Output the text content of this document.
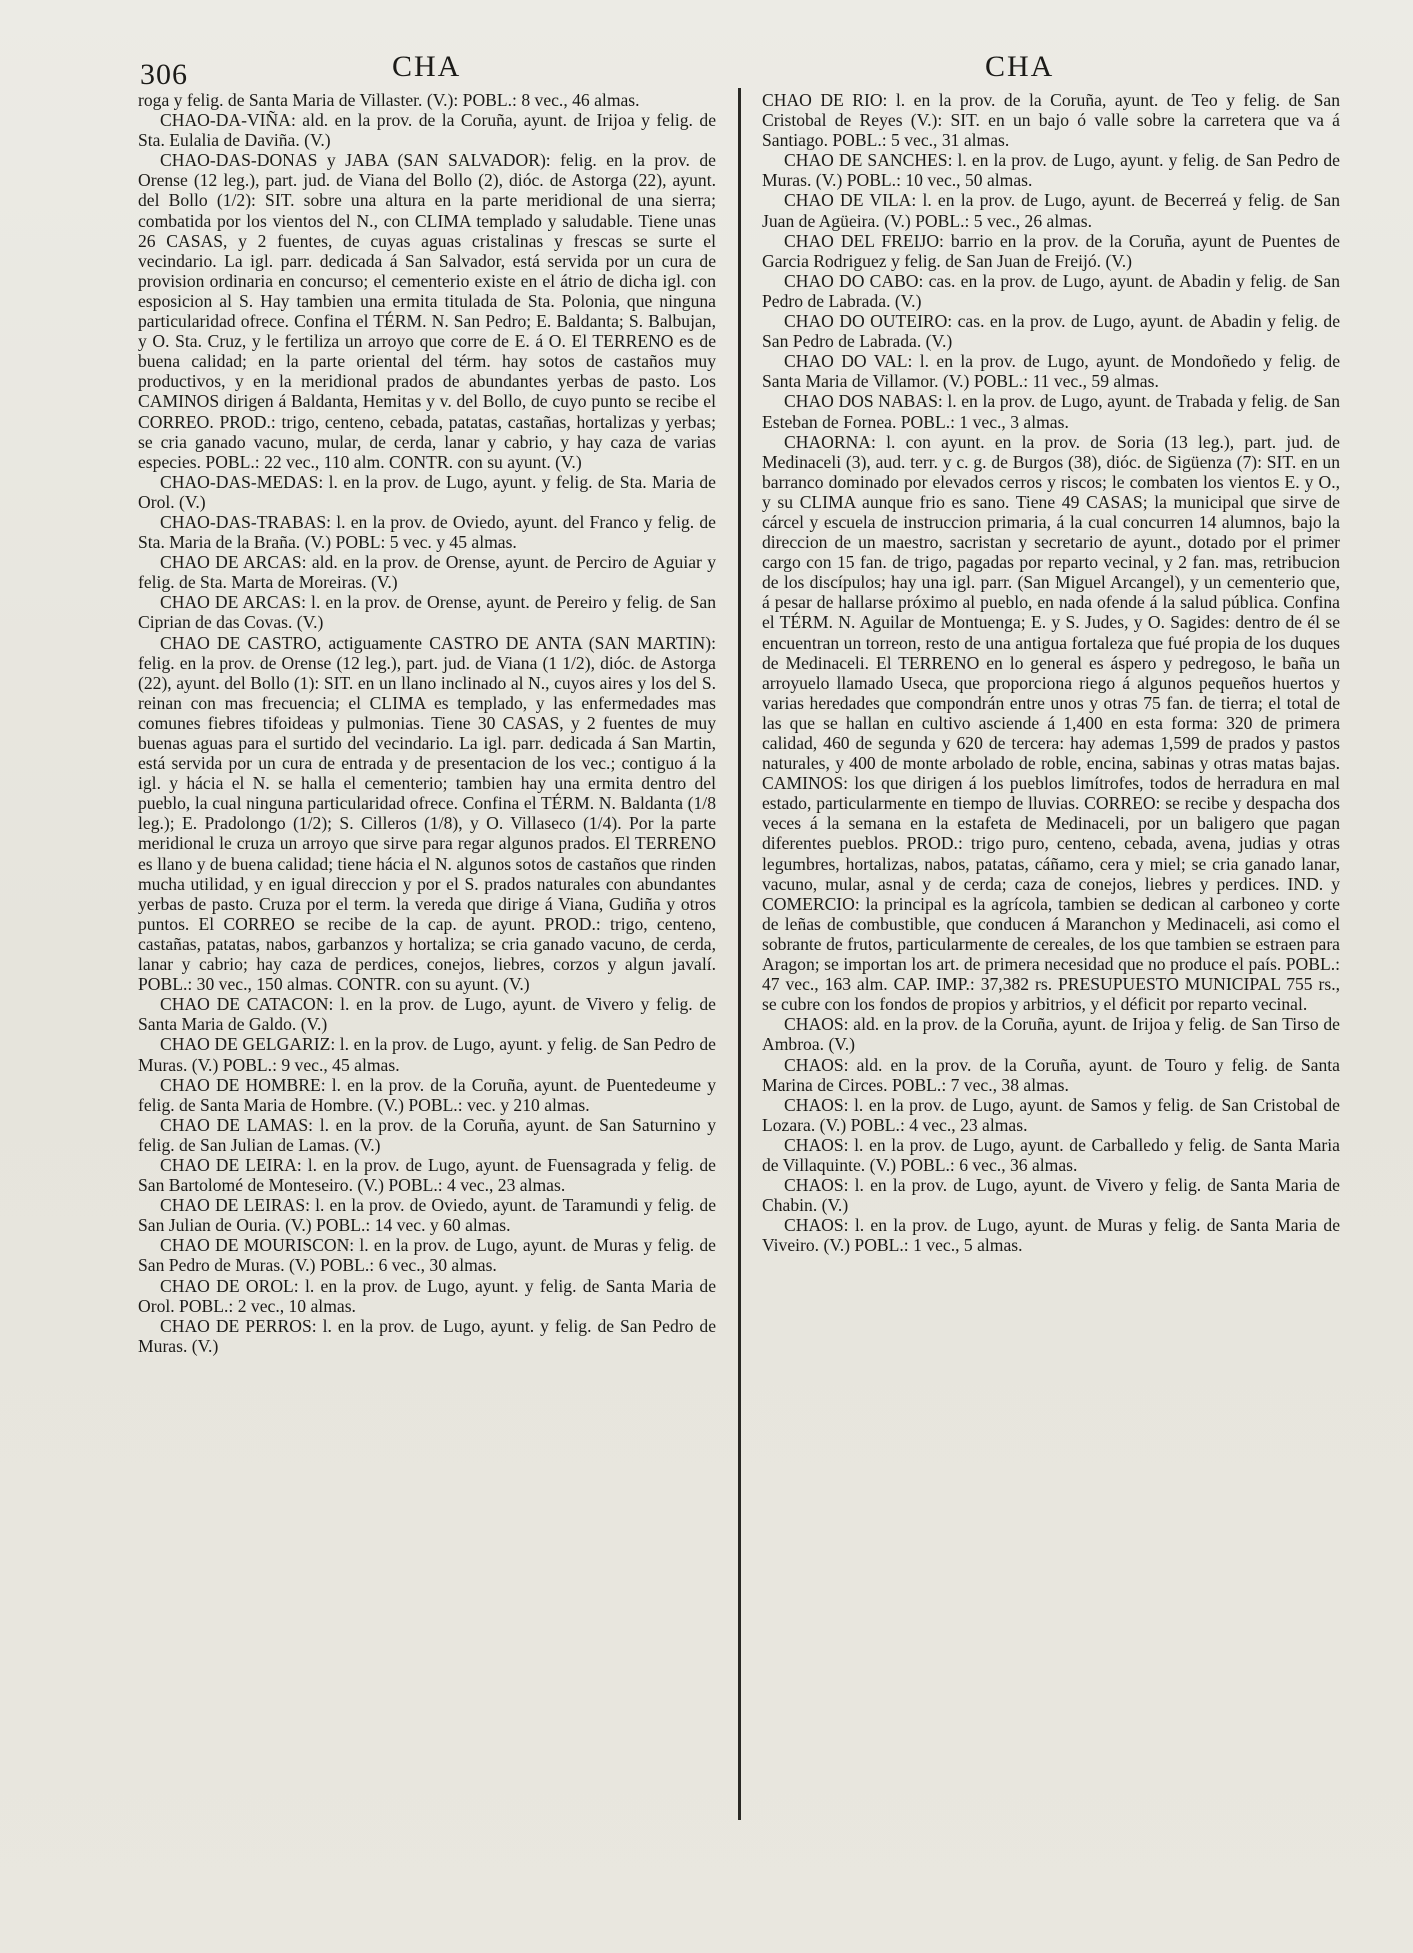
306	CHA	CHA

roga y felig. de Santa Maria de Villaster. (V.): POBL.: 8 vec., 46 almas.

CHAO-DA-VIÑA: ald. en la prov. de la Coruña, ayunt. de Irijoa y felig. de Sta. Eulalia de Daviña. (V.)

CHAO-DAS-DONAS y JABA (SAN SALVADOR): felig. en la prov. de Orense (12 leg.), part. jud. de Viana del Bollo (2), dióc. de Astorga (22), ayunt. del Bollo (1/2): SIT. sobre una altura en la parte meridional de una sierra; combatida por los vientos del N., con CLIMA templado y saludable. Tiene unas 26 CASAS, y 2 fuentes, de cuyas aguas cristalinas y frescas se surte el vecindario. La igl. parr. dedicada á San Salvador, está servida por un cura de provision ordinaria en concurso; el cementerio existe en el átrio de dicha igl. con esposicion al S. Hay tambien una ermita titulada de Sta. Polonia, que ninguna particularidad ofrece. Confina el TÉRM. N. San Pedro; E. Baldanta; S. Balbujan, y O. Sta. Cruz, y le fertiliza un arroyo que corre de E. á O. El TERRENO es de buena calidad; en la parte oriental del térm. hay sotos de castaños muy productivos, y en la meridional prados de abundantes yerbas de pasto. Los CAMINOS dirigen á Baldanta, Hemitas y v. del Bollo, de cuyo punto se recibe el CORREO. PROD.: trigo, centeno, cebada, patatas, castañas, hortalizas y yerbas; se cria ganado vacuno, mular, de cerda, lanar y cabrio, y hay caza de varias especies. POBL.: 22 vec., 110 alm. CONTR. con su ayunt. (V.)

CHAO-DAS-MEDAS: l. en la prov. de Lugo, ayunt. y felig. de Sta. Maria de Orol. (V.)

CHAO-DAS-TRABAS: l. en la prov. de Oviedo, ayunt. del Franco y felig. de Sta. Maria de la Braña. (V.) POBL: 5 vec. y 45 almas.

CHAO DE ARCAS: ald. en la prov. de Orense, ayunt. de Perciro de Aguiar y felig. de Sta. Marta de Moreiras. (V.)

CHAO DE ARCAS: l. en la prov. de Orense, ayunt. de Pereiro y felig. de San Ciprian de das Covas. (V.)

CHAO DE CASTRO, actiguamente CASTRO DE ANTA (SAN MARTIN): felig. en la prov. de Orense (12 leg.), part. jud. de Viana (1 1/2), dióc. de Astorga (22), ayunt. del Bollo (1): SIT. en un llano inclinado al N., cuyos aires y los del S. reinan con mas frecuencia; el CLIMA es templado, y las enfermedades mas comunes fiebres tifoideas y pulmonias. Tiene 30 CASAS, y 2 fuentes de muy buenas aguas para el surtido del vecindario. La igl. parr. dedicada á San Martin, está servida por un cura de entrada y de presentacion de los vec.; contiguo á la igl. y hácia el N. se halla el cementerio; tambien hay una ermita dentro del pueblo, la cual ninguna particularidad ofrece. Confina el TÉRM. N. Baldanta (1/8 leg.); E. Pradolongo (1/2); S. Cilleros (1/8), y O. Villaseco (1/4). Por la parte meridional le cruza un arroyo que sirve para regar algunos prados. El TERRENO es llano y de buena calidad; tiene hácia el N. algunos sotos de castaños que rinden mucha utilidad, y en igual direccion y por el S. prados naturales con abundantes yerbas de pasto. Cruza por el term. la vereda que dirige á Viana, Gudiña y otros puntos. El CORREO se recibe de la cap. de ayunt. PROD.: trigo, centeno, castañas, patatas, nabos, garbanzos y hortaliza; se cria ganado vacuno, de cerda, lanar y cabrio; hay caza de perdices, conejos, liebres, corzos y algun javalí. POBL.: 30 vec., 150 almas. CONTR. con su ayunt. (V.)

CHAO DE CATACON: l. en la prov. de Lugo, ayunt. de Vivero y felig. de Santa Maria de Galdo. (V.)

CHAO DE GELGARIZ: l. en la prov. de Lugo, ayunt. y felig. de San Pedro de Muras. (V.) POBL.: 9 vec., 45 almas.

CHAO DE HOMBRE: l. en la prov. de la Coruña, ayunt. de Puentedeume y felig. de Santa Maria de Hombre. (V.) POBL.: vec. y 210 almas.

CHAO DE LAMAS: l. en la prov. de la Coruña, ayunt. de San Saturnino y felig. de San Julian de Lamas. (V.)

CHAO DE LEIRA: l. en la prov. de Lugo, ayunt. de Fuensagrada y felig. de San Bartolomé de Monteseiro. (V.) POBL.: 4 vec., 23 almas.

CHAO DE LEIRAS: l. en la prov. de Oviedo, ayunt. de Taramundi y felig. de San Julian de Ouria. (V.) POBL.: 14 vec. y 60 almas.

CHAO DE MOURISCON: l. en la prov. de Lugo, ayunt. de Muras y felig. de San Pedro de Muras. (V.) POBL.: 6 vec., 30 almas.

CHAO DE OROL: l. en la prov. de Lugo, ayunt. y felig. de Santa Maria de Orol. POBL.: 2 vec., 10 almas.

CHAO DE PERROS: l. en la prov. de Lugo, ayunt. y felig. de San Pedro de Muras. (V.)

CHAO DE RIO: l. en la prov. de la Coruña, ayunt. de Teo y felig. de San Cristobal de Reyes (V.): SIT. en un bajo ó valle sobre la carretera que va á Santiago. POBL.: 5 vec., 31 almas.

CHAO DE SANCHES: l. en la prov. de Lugo, ayunt. y felig. de San Pedro de Muras. (V.) POBL.: 10 vec., 50 almas.

CHAO DE VILA: l. en la prov. de Lugo, ayunt. de Becerreá y felig. de San Juan de Agüeira. (V.) POBL.: 5 vec., 26 almas.

CHAO DEL FREIJO: barrio en la prov. de la Coruña, ayunt de Puentes de Garcia Rodriguez y felig. de San Juan de Freijó. (V.)

CHAO DO CABO: cas. en la prov. de Lugo, ayunt. de Abadin y felig. de San Pedro de Labrada. (V.)

CHAO DO OUTEIRO: cas. en la prov. de Lugo, ayunt. de Abadin y felig. de San Pedro de Labrada. (V.)

CHAO DO VAL: l. en la prov. de Lugo, ayunt. de Mondoñedo y felig. de Santa Maria de Villamor. (V.) POBL.: 11 vec., 59 almas.

CHAO DOS NABAS: l. en la prov. de Lugo, ayunt. de Trabada y felig. de San Esteban de Fornea. POBL.: 1 vec., 3 almas.

CHAORNA: l. con ayunt. en la prov. de Soria (13 leg.), part. jud. de Medinaceli (3), aud. terr. y c. g. de Burgos (38), dióc. de Sigüenza (7): SIT. en un barranco dominado por elevados cerros y riscos; le combaten los vientos E. y O., y su CLIMA aunque frio es sano. Tiene 49 CASAS; la municipal que sirve de cárcel y escuela de instruccion primaria, á la cual concurren 14 alumnos, bajo la direccion de un maestro, sacristan y secretario de ayunt., dotado por el primer cargo con 15 fan. de trigo, pagadas por reparto vecinal, y 2 fan. mas, retribucion de los discípulos; hay una igl. parr. (San Miguel Arcangel), y un cementerio que, á pesar de hallarse próximo al pueblo, en nada ofende á la salud pública. Confina el TÉRM. N. Aguilar de Montuenga; E. y S. Judes, y O. Sagides: dentro de él se encuentran un torreon, resto de una antigua fortaleza que fué propia de los duques de Medinaceli. El TERRENO en lo general es áspero y pedregoso, le baña un arroyuelo llamado Useca, que proporciona riego á algunos pequeños huertos y varias heredades que compondrán entre unos y otras 75 fan. de tierra; el total de las que se hallan en cultivo asciende á 1,400 en esta forma: 320 de primera calidad, 460 de segunda y 620 de tercera: hay ademas 1,599 de prados y pastos naturales, y 400 de monte arbolado de roble, encina, sabinas y otras matas bajas. CAMINOS: los que dirigen á los pueblos limítrofes, todos de herradura en mal estado, particularmente en tiempo de lluvias. CORREO: se recibe y despacha dos veces á la semana en la estafeta de Medinaceli, por un baligero que pagan diferentes pueblos. PROD.: trigo puro, centeno, cebada, avena, judias y otras legumbres, hortalizas, nabos, patatas, cáñamo, cera y miel; se cria ganado lanar, vacuno, mular, asnal y de cerda; caza de conejos, liebres y perdices. IND. y COMERCIO: la principal es la agrícola, tambien se dedican al carboneo y corte de leñas de combustible, que conducen á Maranchon y Medinaceli, asi como el sobrante de frutos, particularmente de cereales, de los que tambien se estraen para Aragon; se importan los art. de primera necesidad que no produce el país. POBL.: 47 vec., 163 alm. CAP. IMP.: 37,382 rs. PRESUPUESTO MUNICIPAL 755 rs., se cubre con los fondos de propios y arbitrios, y el déficit por reparto vecinal.

CHAOS: ald. en la prov. de la Coruña, ayunt. de Irijoa y felig. de San Tirso de Ambroa. (V.)

CHAOS: ald. en la prov. de la Coruña, ayunt. de Touro y felig. de Santa Marina de Circes. POBL.: 7 vec., 38 almas.

CHAOS: l. en la prov. de Lugo, ayunt. de Samos y felig. de San Cristobal de Lozara. (V.) POBL.: 4 vec., 23 almas.

CHAOS: l. en la prov. de Lugo, ayunt. de Carballedo y felig. de Santa Maria de Villaquinte. (V.) POBL.: 6 vec., 36 almas.

CHAOS: l. en la prov. de Lugo, ayunt. de Vivero y felig. de Santa Maria de Chabin. (V.)

CHAOS: l. en la prov. de Lugo, ayunt. de Muras y felig. de Santa Maria de Viveiro. (V.) POBL.: 1 vec., 5 almas.
